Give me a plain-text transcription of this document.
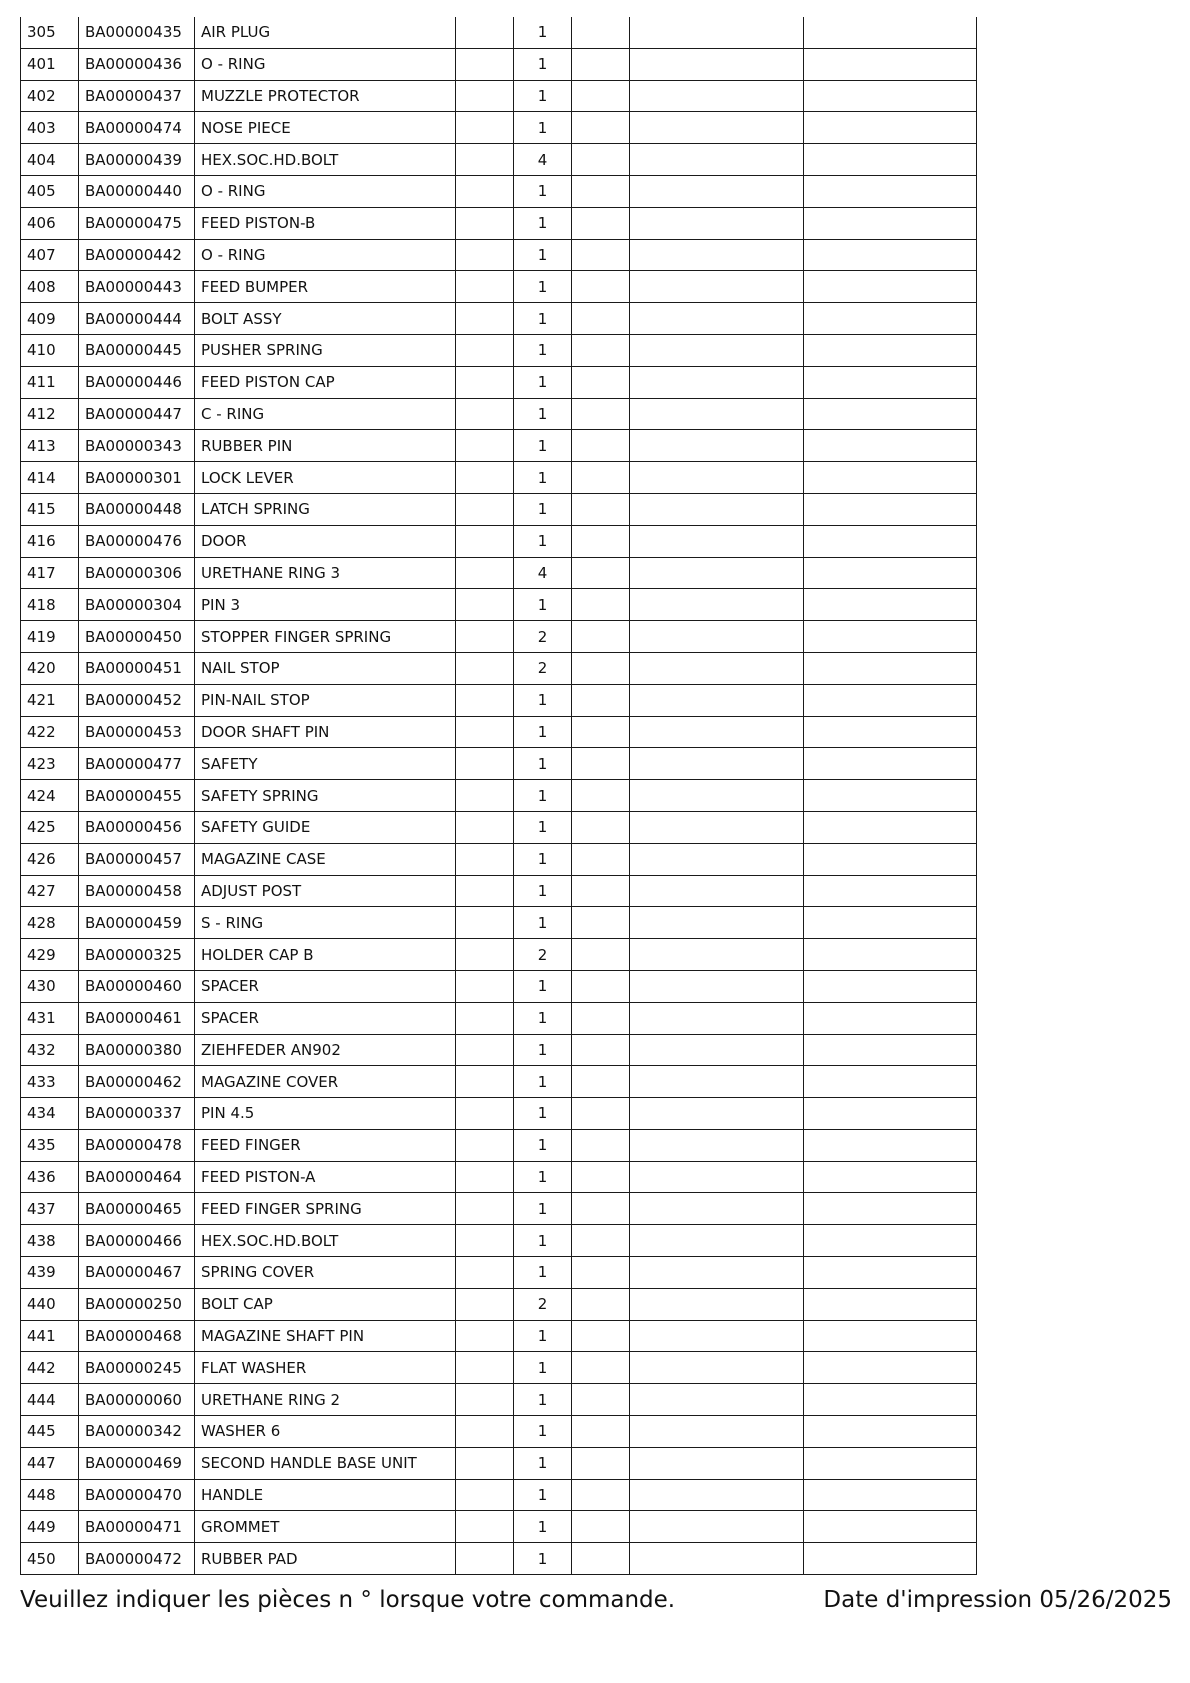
305	BA00000435	AIR PLUG		1			
401	BA00000436	O - RING		1			
402	BA00000437	MUZZLE PROTECTOR		1			
403	BA00000474	NOSE PIECE		1			
404	BA00000439	HEX.SOC.HD.BOLT		4			
405	BA00000440	O - RING		1			
406	BA00000475	FEED PISTON-B		1			
407	BA00000442	O - RING		1			
408	BA00000443	FEED BUMPER		1			
409	BA00000444	BOLT ASSY		1			
410	BA00000445	PUSHER SPRING		1			
411	BA00000446	FEED PISTON CAP		1			
412	BA00000447	C - RING		1			
413	BA00000343	RUBBER PIN		1			
414	BA00000301	LOCK LEVER		1			
415	BA00000448	LATCH SPRING		1			
416	BA00000476	DOOR		1			
417	BA00000306	URETHANE RING 3		4			
418	BA00000304	PIN 3		1			
419	BA00000450	STOPPER FINGER SPRING		2			
420	BA00000451	NAIL STOP		2			
421	BA00000452	PIN-NAIL STOP		1			
422	BA00000453	DOOR SHAFT PIN		1			
423	BA00000477	SAFETY		1			
424	BA00000455	SAFETY SPRING		1			
425	BA00000456	SAFETY GUIDE		1			
426	BA00000457	MAGAZINE CASE		1			
427	BA00000458	ADJUST POST		1			
428	BA00000459	S - RING		1			
429	BA00000325	HOLDER CAP B		2			
430	BA00000460	SPACER		1			
431	BA00000461	SPACER		1			
432	BA00000380	ZIEHFEDER AN902		1			
433	BA00000462	MAGAZINE COVER		1			
434	BA00000337	PIN 4.5		1			
435	BA00000478	FEED FINGER		1			
436	BA00000464	FEED PISTON-A		1			
437	BA00000465	FEED FINGER SPRING		1			
438	BA00000466	HEX.SOC.HD.BOLT		1			
439	BA00000467	SPRING COVER		1			
440	BA00000250	BOLT CAP		2			
441	BA00000468	MAGAZINE SHAFT PIN		1			
442	BA00000245	FLAT WASHER		1			
444	BA00000060	URETHANE RING 2		1			
445	BA00000342	WASHER 6		1			
447	BA00000469	SECOND HANDLE BASE UNIT		1			
448	BA00000470	HANDLE		1			
449	BA00000471	GROMMET		1			
450	BA00000472	RUBBER PAD		1			
Veuillez indiquer les pièces n ° lorsque votre commande.	Date d'impression 05/26/2025
